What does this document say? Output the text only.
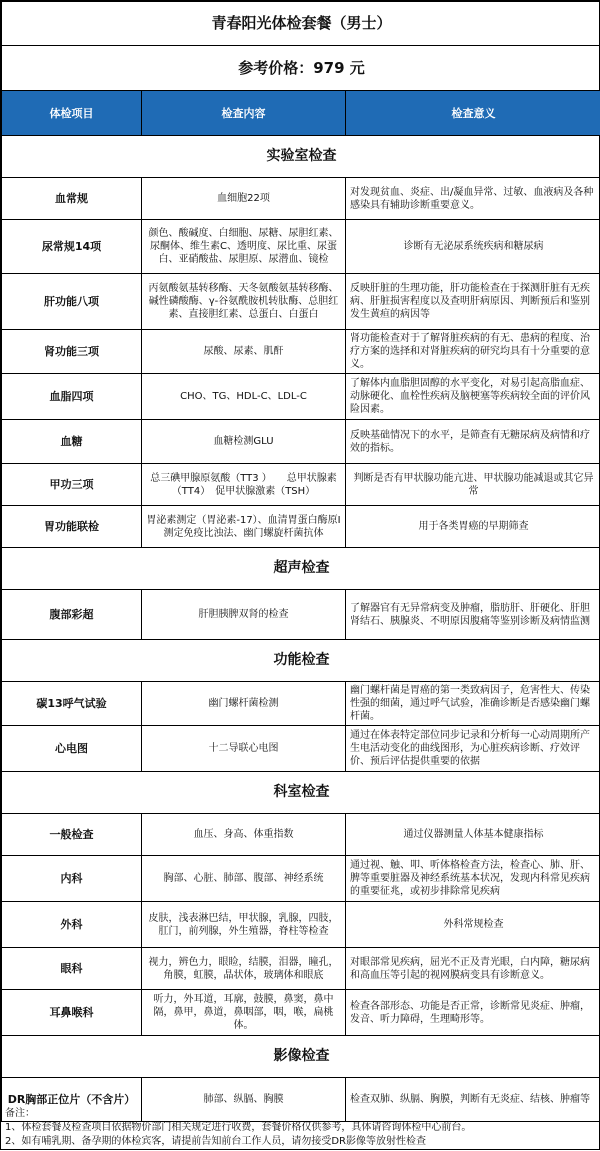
青春阳光体检套餐（男士）		
参考价格：979 元		
体检项目	检查内容	检查意义
实验室检查		
血常规	血细胞22项	对发现贫血、炎症、出/凝血异常、过敏、血液病及各种感染具有辅助诊断重要意义。
尿常规14项	颜色、酸碱度、白细胞、尿糖、尿胆红素、尿酮体、维生素C、透明度、尿比重、尿蛋白、亚硝酸盐、尿胆原、尿潜血、镜检	诊断有无泌尿系统疾病和糖尿病
肝功能八项	丙氨酸氨基转移酶、天冬氨酸氨基转移酶、碱性磷酸酶、γ-谷氨酰胺机转肽酶、总胆红素、直接胆红素、总蛋白、白蛋白	反映肝脏的生理功能，肝功能检查在于探测肝脏有无疾病、肝脏损害程度以及查明肝病原因、判断预后和鉴别发生黄疸的病因等
肾功能三项	尿酸、尿素、肌酐	肾功能检查对于了解肾脏疾病的有无、患病的程度、治疗方案的选择和对肾脏疾病的研究均具有十分重要的意义。
血脂四项	CHO、TG、HDL-C、LDL-C	了解体内血脂胆固醇的水平变化，对易引起高脂血症、动脉硬化、血栓性疾病及脑梗塞等疾病较全面的评价风险因素。
血糖	血糖检测GLU	反映基础情况下的水平，是筛查有无糖尿病及病情和疗效的指标。
甲功三项	总三碘甲腺原氨酸（TT3 ）　　总甲状腺素（TT4）　促甲状腺激素（TSH）	判断是否有甲状腺功能亢进、甲状腺功能减退或其它异常
胃功能联检	胃泌素测定（胃泌素-17）、血清胃蛋白酶原I测定免疫比浊法、幽门螺旋杆菌抗体	用于各类胃癌的早期筛查
超声检查		
腹部彩超	肝胆胰脾双肾的检查	了解器官有无异常病变及肿瘤，脂肪肝、肝硬化、肝胆肾结石、胰腺炎、不明原因腹痛等鉴别诊断及病情监测
功能检查		
碳13呼气试验	幽门螺杆菌检测	幽门螺杆菌是胃癌的第一类致病因子，危害性大、传染性强的细菌，通过呼气试验，准确诊断是否感染幽门螺杆菌。
心电图	十二导联心电图	通过在体表特定部位同步记录和分析每一心动周期所产生电活动变化的曲线图形，为心脏疾病诊断、疗效评价、预后评估提供重要的依据
科室检查		
一般检查	血压、身高、体重指数	通过仪器测量人体基本健康指标
内科	胸部、心脏、肺部、腹部、神经系统	通过视、触、叩、听体格检查方法，检查心、肺、肝、脾等重要脏器及神经系统基本状况，发现内科常见疾病的重要征兆，或初步排除常见疾病
外科	皮肤，浅表淋巴结，甲状腺，乳腺，四肢，肛门，前列腺，外生殖器，脊柱等检查	外科常规检查
眼科	视力，辨色力，眼睑，结膜，泪器，瞳孔，角膜，虹膜，晶状体，玻璃体和眼底	对眼部常见疾病，屈光不正及青光眼，白内障，糖尿病和高血压等引起的视网膜病变具有诊断意义。
耳鼻喉科	听力，外耳道，耳廓，鼓膜，鼻窦，鼻中隔，鼻甲，鼻道，鼻咽部，咽，喉，扁桃体。	检查各部形态、功能是否正常，诊断常见炎症、肿瘤，发音、听力障碍，生理畸形等。
影像检查		
DR胸部正位片（不含片）	肺部、纵膈、胸膜	检查双肺、纵膈、胸膜，判断有无炎症、结核、肿瘤等
备注：
1、体检套餐及检查项目依据物价部门相关规定进行收费，套餐价格仅供参考，具体请咨询体检中心前台。
2、如有哺乳期、备孕期的体检宾客，请提前告知前台工作人员，请勿接受DR影像等放射性检查
